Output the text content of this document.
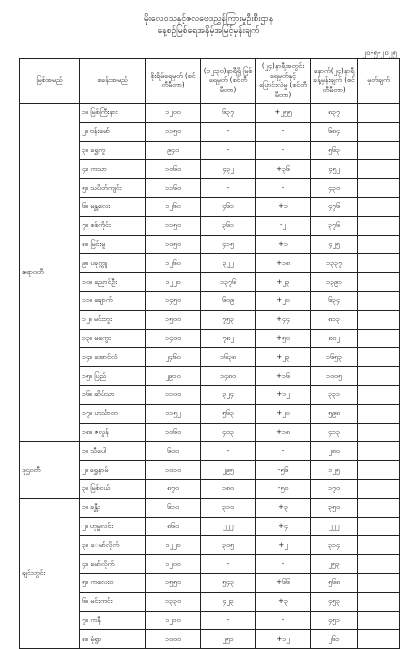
မိုးလေဝသနှင့်ဇလဗေဒညွှန်ကြားမှုဦးစီးဌာန
နေ့စဉ်မြစ်ရေအနိမ့်အမြင့်မှန်းချက်
၂၀-၅-၂၀၂၅
မြစ်အမည်	စခန်းအမည်	စိုးရိမ်ရေမှတ် (စင်တီမီတာ)	(၁၂း၃၀)နာရီရှိ မြစ်ရေမှတ် (စင်တီမီတာ)	(၂၄)နာရီအတွင်း ရေမှတ်နှင့်ပြောင်းလဲမှု (စင်တီမီတာ)	နောက်(၂၄)နာရီ ခန့်မှန်းချက် (စင်တီမီတာ)	မှတ်ချက်
ဧရာဝတီ	၁။ မြစ်ကြီးနား	၁၂၀၀	၆၃၇	+၂၅၅	၈၃၇	
	၂။ ဗန်းမော်	၁၁၅၀	-	-	၆၈၄	
	၃။ ရွှေကူ	၉၄၀	-	-	၅၆၃	
	၄။ ကသာ	၁၀၆၀	၄၃၂	+၃၆	၄၅၂	
	၅။ သပိတ်ကျင်း	၁၁၆၀	-	-	၄၃၀	
	၆။ မန္တလေး	၁၂၆၀	၄၆၁	+၁	၄၇၆	
	၇။ စစ်ကိုင်း	၁၁၅၀	၃၆၁	-၂	၃၇၆	
	၈။ မြင်းမူ	၁၀၅၀	၄၁၅	+၁	၄၂၅	
	၉။ ပခုက္ကူ	၁၂၆၀	၃၂၂	+၁၈	၁၃၃၇	
	၁၀။ ညောင်ဦး	၁၂၂၀	၁၃၇၆	+၂၃	၁၃၉၁	
	၁၁။ ချောက်	၁၄၅၀	၆၀၉	+၂၀	၆၃၄	
	၁၂။ မင်းဘူး	၁၅၀၀	၇၅၃	+၄၄	၈၁၃	
	၁၃။ မကွေး	၁၄၀၀	၇၈၂	+၅၀	၈၀၂	
	၁၄။ အောင်လံ	၂၄၆၀	၁၆၃၈	+၂၃	၁၆၅၃	
	၁၅။ ပြည်	၂၉၁၀	၁၄၈၀	+၁၆	၁၀၀၅	
	၁၆။ ဆိပ်သာ	၁၁၀၀	၃၂၄	+၁၂	၃၃၁	
	၁၇။ ဟင်္သာတ	၁၁၅၂	၅၆၃	+၂၀	၅၉၈	
	၁၈။ ဇလွန်	၁၀၆၀	၄၀၃	+၁၈	၄၁၃	
ဒုဌဝတီ	၁။ သီပေါ	၆၀၀	-	-	၂၈၀	
	၂။ ရွှေနာမ်	၁၀၁၀	၂၉၅	-၅၆	၁၂၅	
	၃။ မြစ်ငယ်	၈၇၀	၁၈၀	-၅၀	၁၇၀	
ချင်းတွင်း	၁။ ခန္တီး	၆၁၀	၃၁၀	+၃	၃၅၀	
	၂။ ဟုမ္မလင်း	၈၆၀	၂၂၂	+၄	၂၂၂	
	၃။ ေမာ်လိုက်	၁၂၂၀	၃၀၅	+၂	၃၁၄	
	၄။ မော်လိုက်	၁၂၀၀	-	-	၂၅၃	
	၅။ ကလေးဝ	၁၅၅၀	၅၄၃	+၆၆	၅၆၈	
	၆။ မင်းကင်း	၁၃၃၀	၄၂၃	+၃	၄၅၃	
	၇။ ကနီ	၁၂၁၀	-	-	၄၅၁	
	၈။ မုံရွာ	၁၀၀၀	၂၅၁	+၁၂	၂၆၁	
